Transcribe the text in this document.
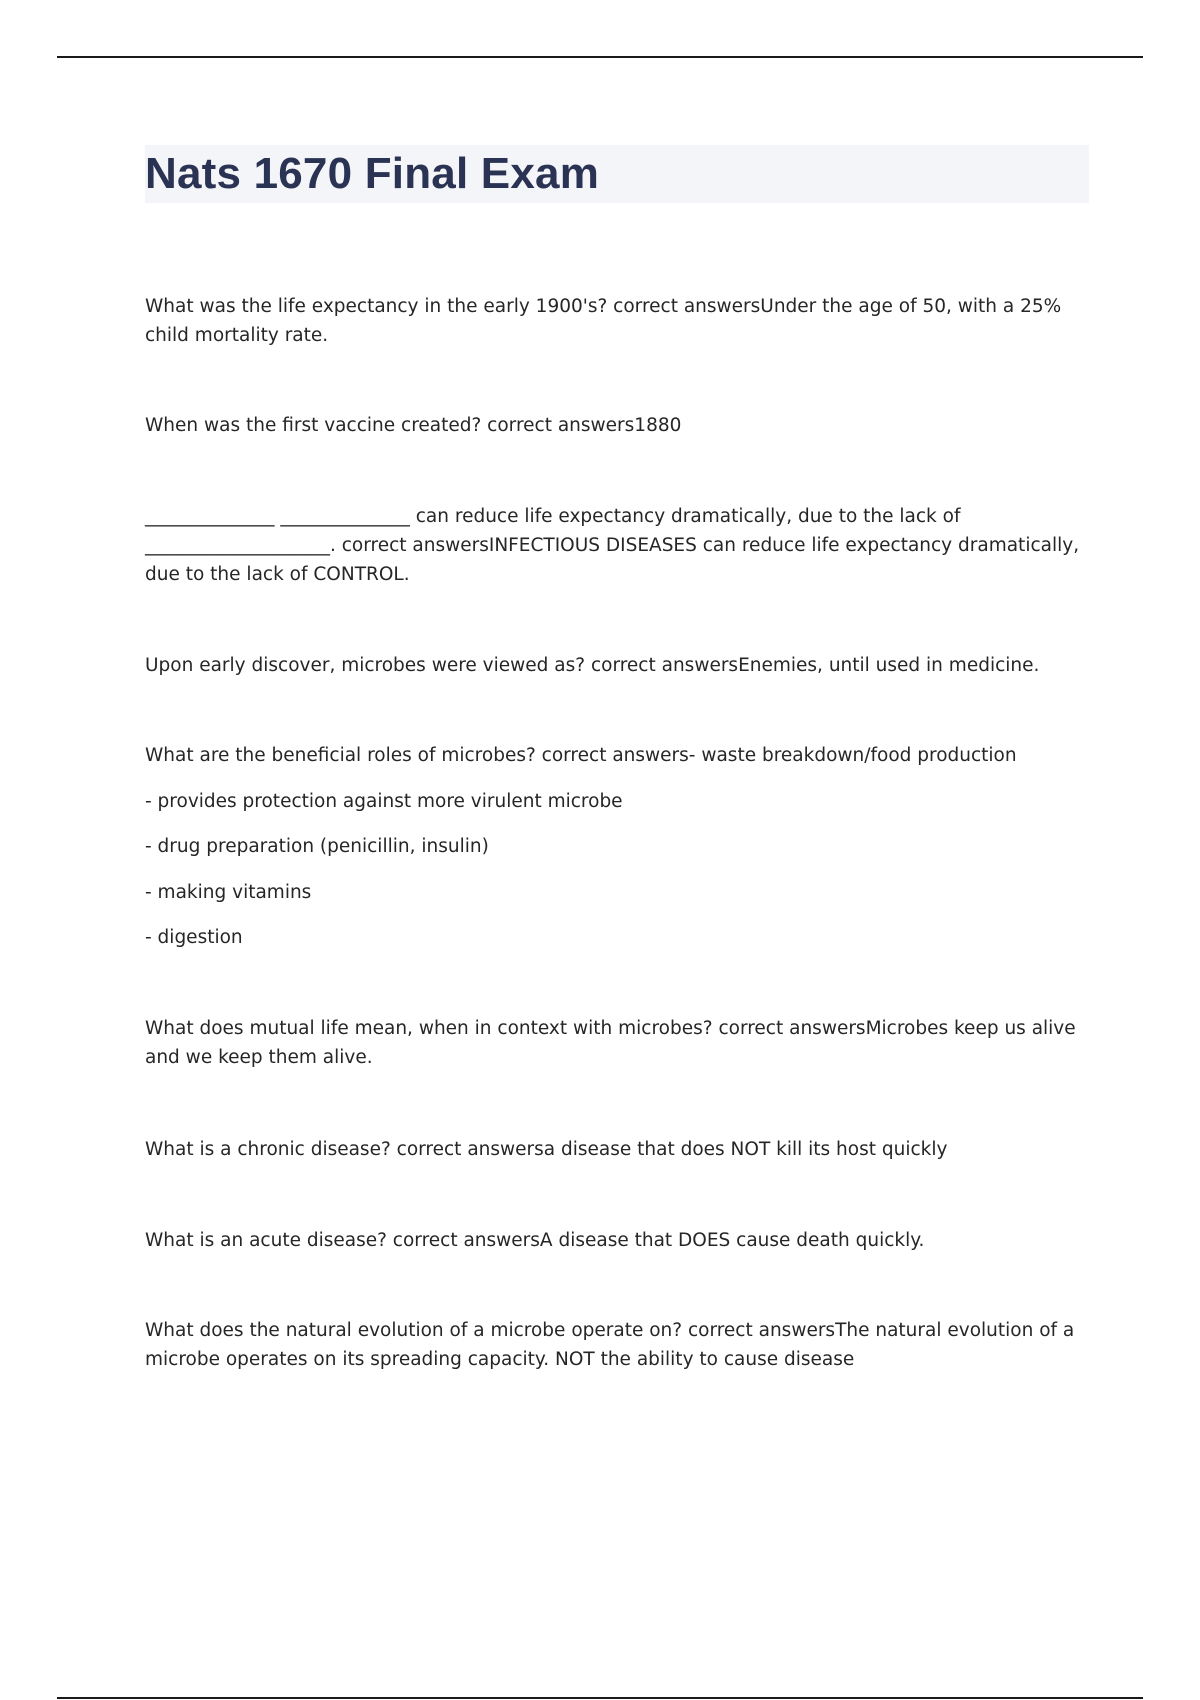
Nats 1670 Final Exam

What was the life expectancy in the early 1900's? correct answersUnder the age of 50, with a 25% child mortality rate.

When was the first vaccine created? correct answers1880

______________ ______________ can reduce life expectancy dramatically, due to the lack of ____________________. correct answersINFECTIOUS DISEASES can reduce life expectancy dramatically, due to the lack of CONTROL.

Upon early discover, microbes were viewed as? correct answersEnemies, until used in medicine.

What are the beneficial roles of microbes? correct answers- waste breakdown/food production

- provides protection against more virulent microbe

- drug preparation (penicillin, insulin)

- making vitamins

- digestion

What does mutual life mean, when in context with microbes? correct answersMicrobes keep us alive and we keep them alive.

What is a chronic disease? correct answersa disease that does NOT kill its host quickly

What is an acute disease? correct answersA disease that DOES cause death quickly.

What does the natural evolution of a microbe operate on? correct answersThe natural evolution of a microbe operates on its spreading capacity. NOT the ability to cause disease
